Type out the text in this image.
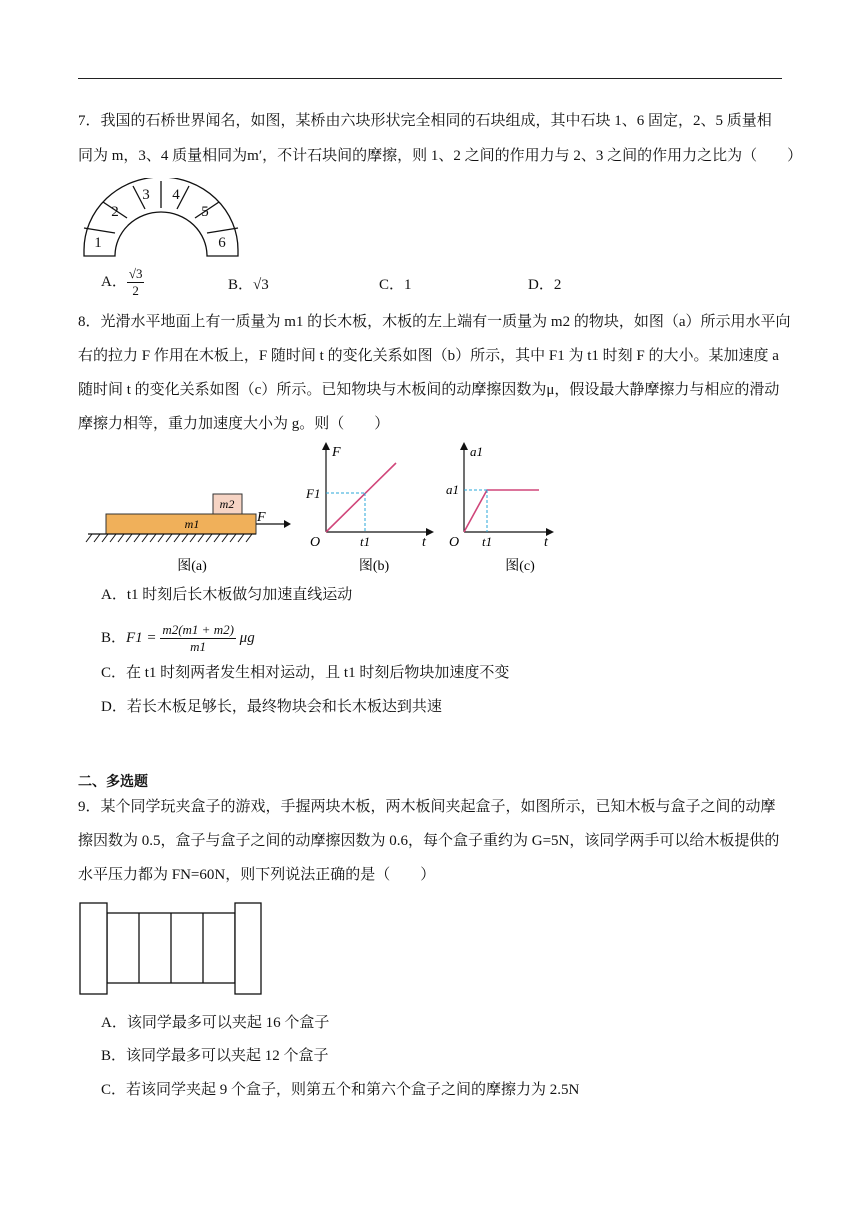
7．我国的石桥世界闻名，如图，某桥由六块形状完全相同的石块组成，其中石块 1、6 固定，2、5 质量相
同为 m，3、4 质量相同为m′，不计石块间的摩擦，则 1、2 之间的作用力与 2、3 之间的作用力之比为（　　）
1
2
3 4
5
6
A． $\frac{√3}{2}$	B．√3	C．1	D．2
8．光滑水平地面上有一质量为 m1 的长木板，木板的左上端有一质量为 m2 的物块，如图（a）所示用水平向
右的拉力 F 作用在木板上，F 随时间 t 的变化关系如图（b）所示，其中 F1 为 t1 时刻 F 的大小。某加速度 a
随时间 t 的变化关系如图（c）所示。已知物块与木板间的动摩擦因数为μ，假设最大静摩擦力与相应的滑动
摩擦力相等，重力加速度大小为 g。则（　　）
m2
m1	F
图(a)
F
F1
O	t1	t
图(b)
a1
a1
O t1	t
图(c)
A．t1 时刻后长木板做匀加速直线运动
B．$F1 = \frac{m2(m1 + m2)}{m1}$ μg
C．在 t1 时刻两者发生相对运动，且 t1 时刻后物块加速度不变
D．若长木板足够长，最终物块会和长木板达到共速
二、多选题
9．某个同学玩夹盒子的游戏，手握两块木板，两木板间夹起盒子，如图所示，已知木板与盒子之间的动摩
擦因数为 0.5，盒子与盒子之间的动摩擦因数为 0.6，每个盒子重约为 G=5N，该同学两手可以给木板提供的
水平压力都为 FN=60N，则下列说法正确的是（　　）
A．该同学最多可以夹起 16 个盒子
B．该同学最多可以夹起 12 个盒子
C．若该同学夹起 9 个盒子，则第五个和第六个盒子之间的摩擦力为 2.5N
